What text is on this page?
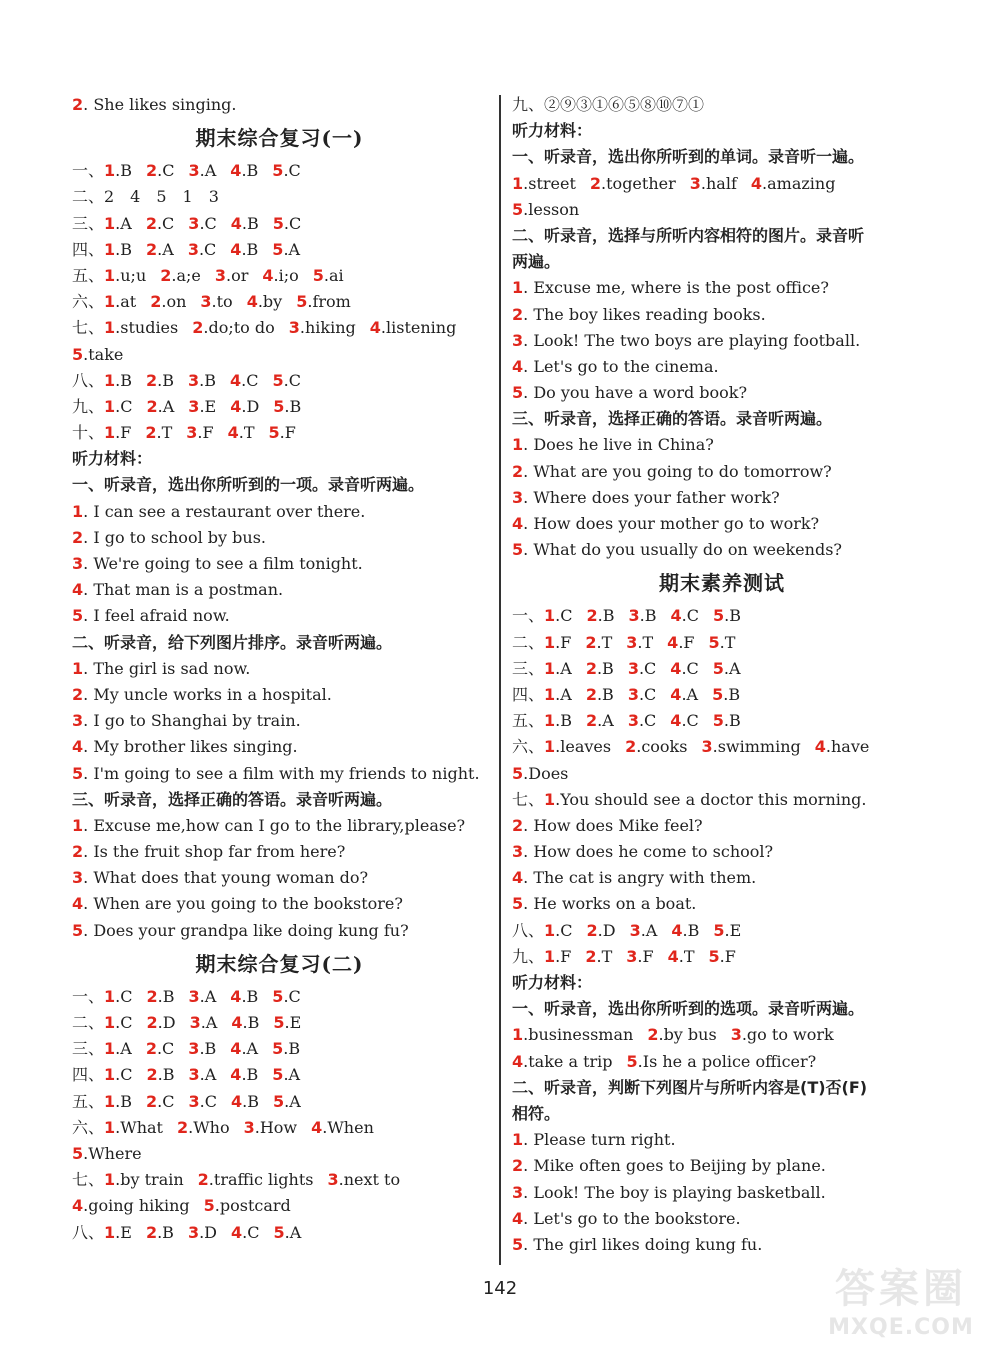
2. She likes singing.
期末综合复习(一)
一、1.B 2.C 3.A 4.B 5.C
二、2　4　5　1　3
三、1.A 2.C 3.C 4.B 5.C
四、1.B 2.A 3.C 4.B 5.A
五、1.u;u 2.a;e 3.or 4.i;o 5.ai
六、1.at 2.on 3.to 4.by 5.from
七、1.studies 2.do;to do 3.hiking 4.listening
5.take
八、1.B 2.B 3.B 4.C 5.C
九、1.C 2.A 3.E 4.D 5.B
十、1.F 2.T 3.F 4.T 5.F
听力材料：
一、听录音，选出你所听到的一项。录音听两遍。
1. I can see a restaurant over there.
2. I go to school by bus.
3. We're going to see a film tonight.
4. That man is a postman.
5. I feel afraid now.
二、听录音，给下列图片排序。录音听两遍。
1. The girl is sad now.
2. My uncle works in a hospital.
3. I go to Shanghai by train.
4. My brother likes singing.
5. I'm going to see a film with my friends to night.
三、听录音，选择正确的答语。录音听两遍。
1. Excuse me,how can I go to the library,please?
2. Is the fruit shop far from here?
3. What does that young woman do?
4. When are you going to the bookstore?
5. Does your grandpa like doing kung fu?
期末综合复习(二)
一、1.C 2.B 3.A 4.B 5.C
二、1.C 2.D 3.A 4.B 5.E
三、1.A 2.C 3.B 4.A 5.B
四、1.C 2.B 3.A 4.B 5.A
五、1.B 2.C 3.C 4.B 5.A
六、1.What 2.Who 3.How 4.When
5.Where
七、1.by train 2.traffic lights 3.next to
4.going hiking 5.postcard
八、1.E 2.B 3.D 4.C 5.A
九、②⑨③①⑥⑤⑧⑩⑦①
听力材料：
一、听录音，选出你所听到的单词。录音听一遍。
1.street 2.together 3.half 4.amazing
5.lesson
二、听录音，选择与所听内容相符的图片。录音听
两遍。
1. Excuse me, where is the post office?
2. The boy likes reading books.
3. Look! The two boys are playing football.
4. Let's go to the cinema.
5. Do you have a word book?
三、听录音，选择正确的答语。录音听两遍。
1. Does he live in China?
2. What are you going to do tomorrow?
3. Where does your father work?
4. How does your mother go to work?
5. What do you usually do on weekends?
期末素养测试
一、1.C 2.B 3.B 4.C 5.B
二、1.F 2.T 3.T 4.F 5.T
三、1.A 2.B 3.C 4.C 5.A
四、1.A 2.B 3.C 4.A 5.B
五、1.B 2.A 3.C 4.C 5.B
六、1.leaves 2.cooks 3.swimming 4.have
5.Does
七、1.You should see a doctor this morning.
2. How does Mike feel?
3. How does he come to school?
4. The cat is angry with them.
5. He works on a boat.
八、1.C 2.D 3.A 4.B 5.E
九、1.F 2.T 3.F 4.T 5.F
听力材料：
一、听录音，选出你所听到的选项。录音听两遍。
1.businessman 2.by bus 3.go to work
4.take a trip 5.Is he a police officer?
二、听录音，判断下列图片与所听内容是(T)否(F)
相符。
1. Please turn right.
2. Mike often goes to Beijing by plane.
3. Look! The boy is playing basketball.
4. Let's go to the bookstore.
5. The girl likes doing kung fu.
142	答案圈
MXQE.COM
